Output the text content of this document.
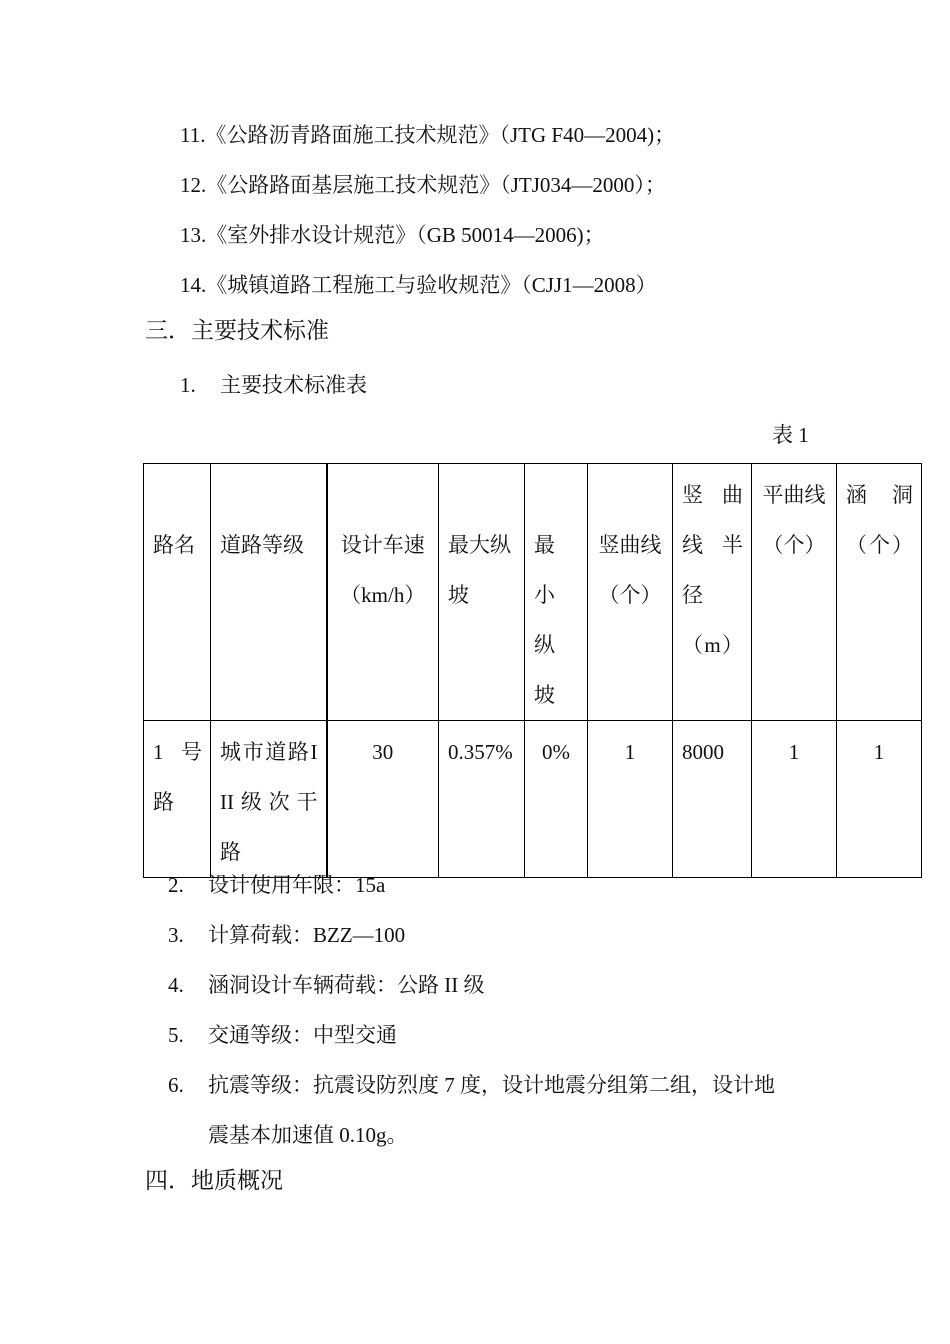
11.《公路沥青路面施工技术规范》（JTG F40—2004)；
12.《公路路面基层施工技术规范》（JTJ034—2000）；
13.《室外排水设计规范》（GB 50014—2006)；
14.《城镇道路工程施工与验收规范》（CJJ1—2008）
三．主要技术标准
1. 主要技术标准表
表 1
路名	道路等级	设计车速（km/h）	最大纵坡	最小纵坡	竖曲线（个）	竖曲线半径（m）	平曲线（个）	涵洞（个）

1号路	城市道路III级次干路	30	0.357%	0%	1	8000	1	1
2. 设计使用年限：15a
3. 计算荷载：BZZ—100
4. 涵洞设计车辆荷载：公路 II 级
5. 交通等级：中型交通
6. 抗震等级：抗震设防烈度 7 度，设计地震分组第二组，设计地
震基本加速值 0.10g。
四．地质概况
